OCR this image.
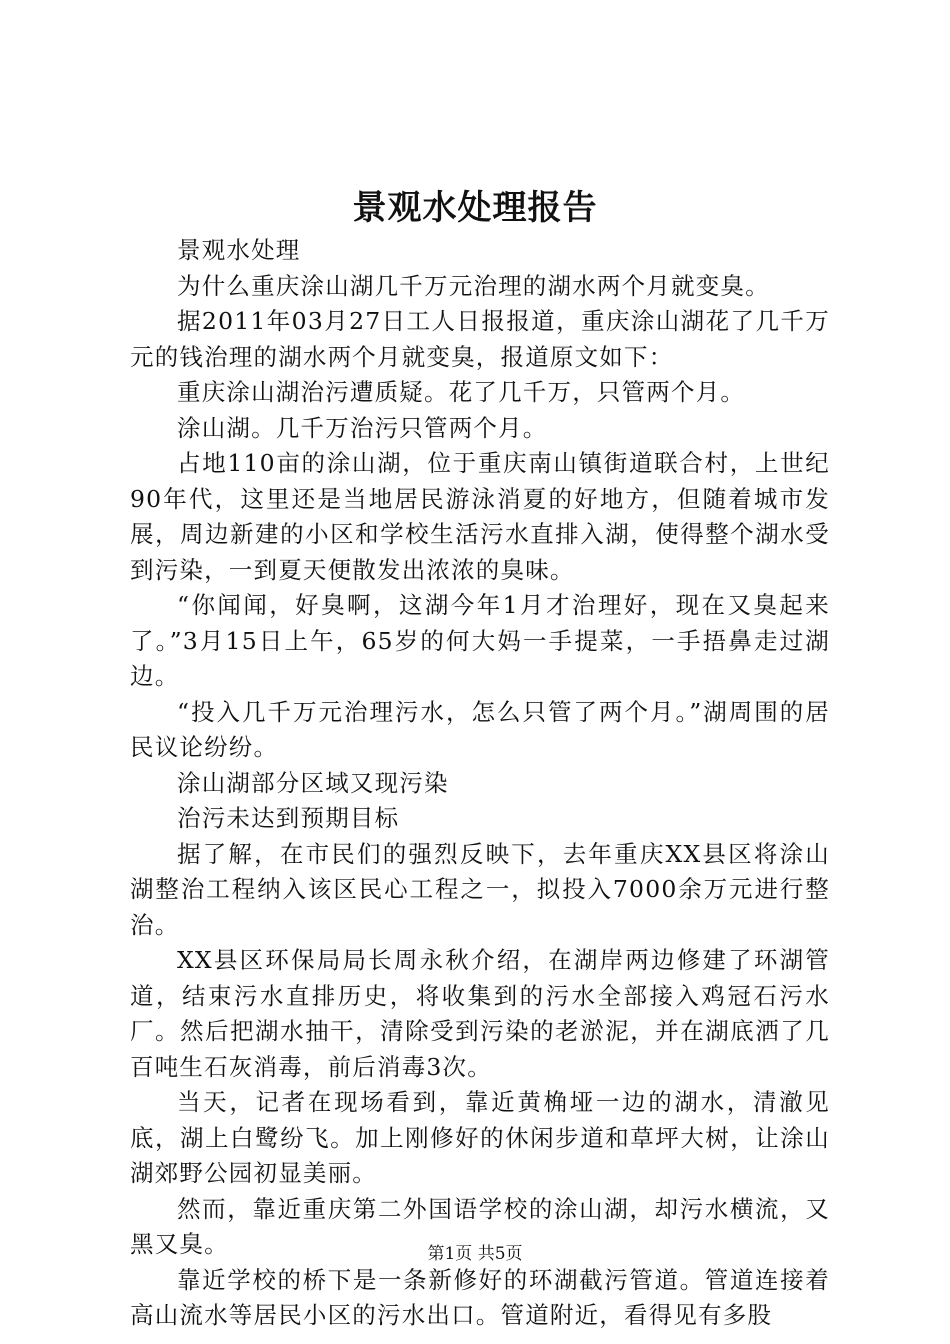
景观水处理报告

景观水处理

为什么重庆涂山湖几千万元治理的湖水两个月就变臭。

据2011年03月27日工人日报报道，重庆涂山湖花了几千万元的钱治理的湖水两个月就变臭，报道原文如下：

重庆涂山湖治污遭质疑。花了几千万，只管两个月。

涂山湖。几千万治污只管两个月。

占地110亩的涂山湖，位于重庆南山镇街道联合村，上世纪90年代，这里还是当地居民游泳消夏的好地方，但随着城市发展，周边新建的小区和学校生活污水直排入湖，使得整个湖水受到污染，一到夏天便散发出浓浓的臭味。

“你闻闻，好臭啊，这湖今年1月才治理好，现在又臭起来了。”3月15日上午，65岁的何大妈一手提菜，一手捂鼻走过湖边。

“投入几千万元治理污水，怎么只管了两个月。”湖周围的居民议论纷纷。

涂山湖部分区域又现污染

治污未达到预期目标

据了解，在市民们的强烈反映下，去年重庆XX县区将涂山湖整治工程纳入该区民心工程之一，拟投入7000余万元进行整治。

XX县区环保局局长周永秋介绍，在湖岸两边修建了环湖管道，结束污水直排历史，将收集到的污水全部接入鸡冠石污水厂。然后把湖水抽干，清除受到污染的老淤泥，并在湖底洒了几百吨生石灰消毒，前后消毒3次。

当天，记者在现场看到，靠近黄桷垭一边的湖水，清澈见底，湖上白鹭纷飞。加上刚修好的休闲步道和草坪大树，让涂山湖郊野公园初显美丽。

然而，靠近重庆第二外国语学校的涂山湖，却污水横流，又黑又臭。

靠近学校的桥下是一条新修好的环湖截污管道。管道连接着高山流水等居民小区的污水出口。管道附近，看得见有多股

第1页 共5页
